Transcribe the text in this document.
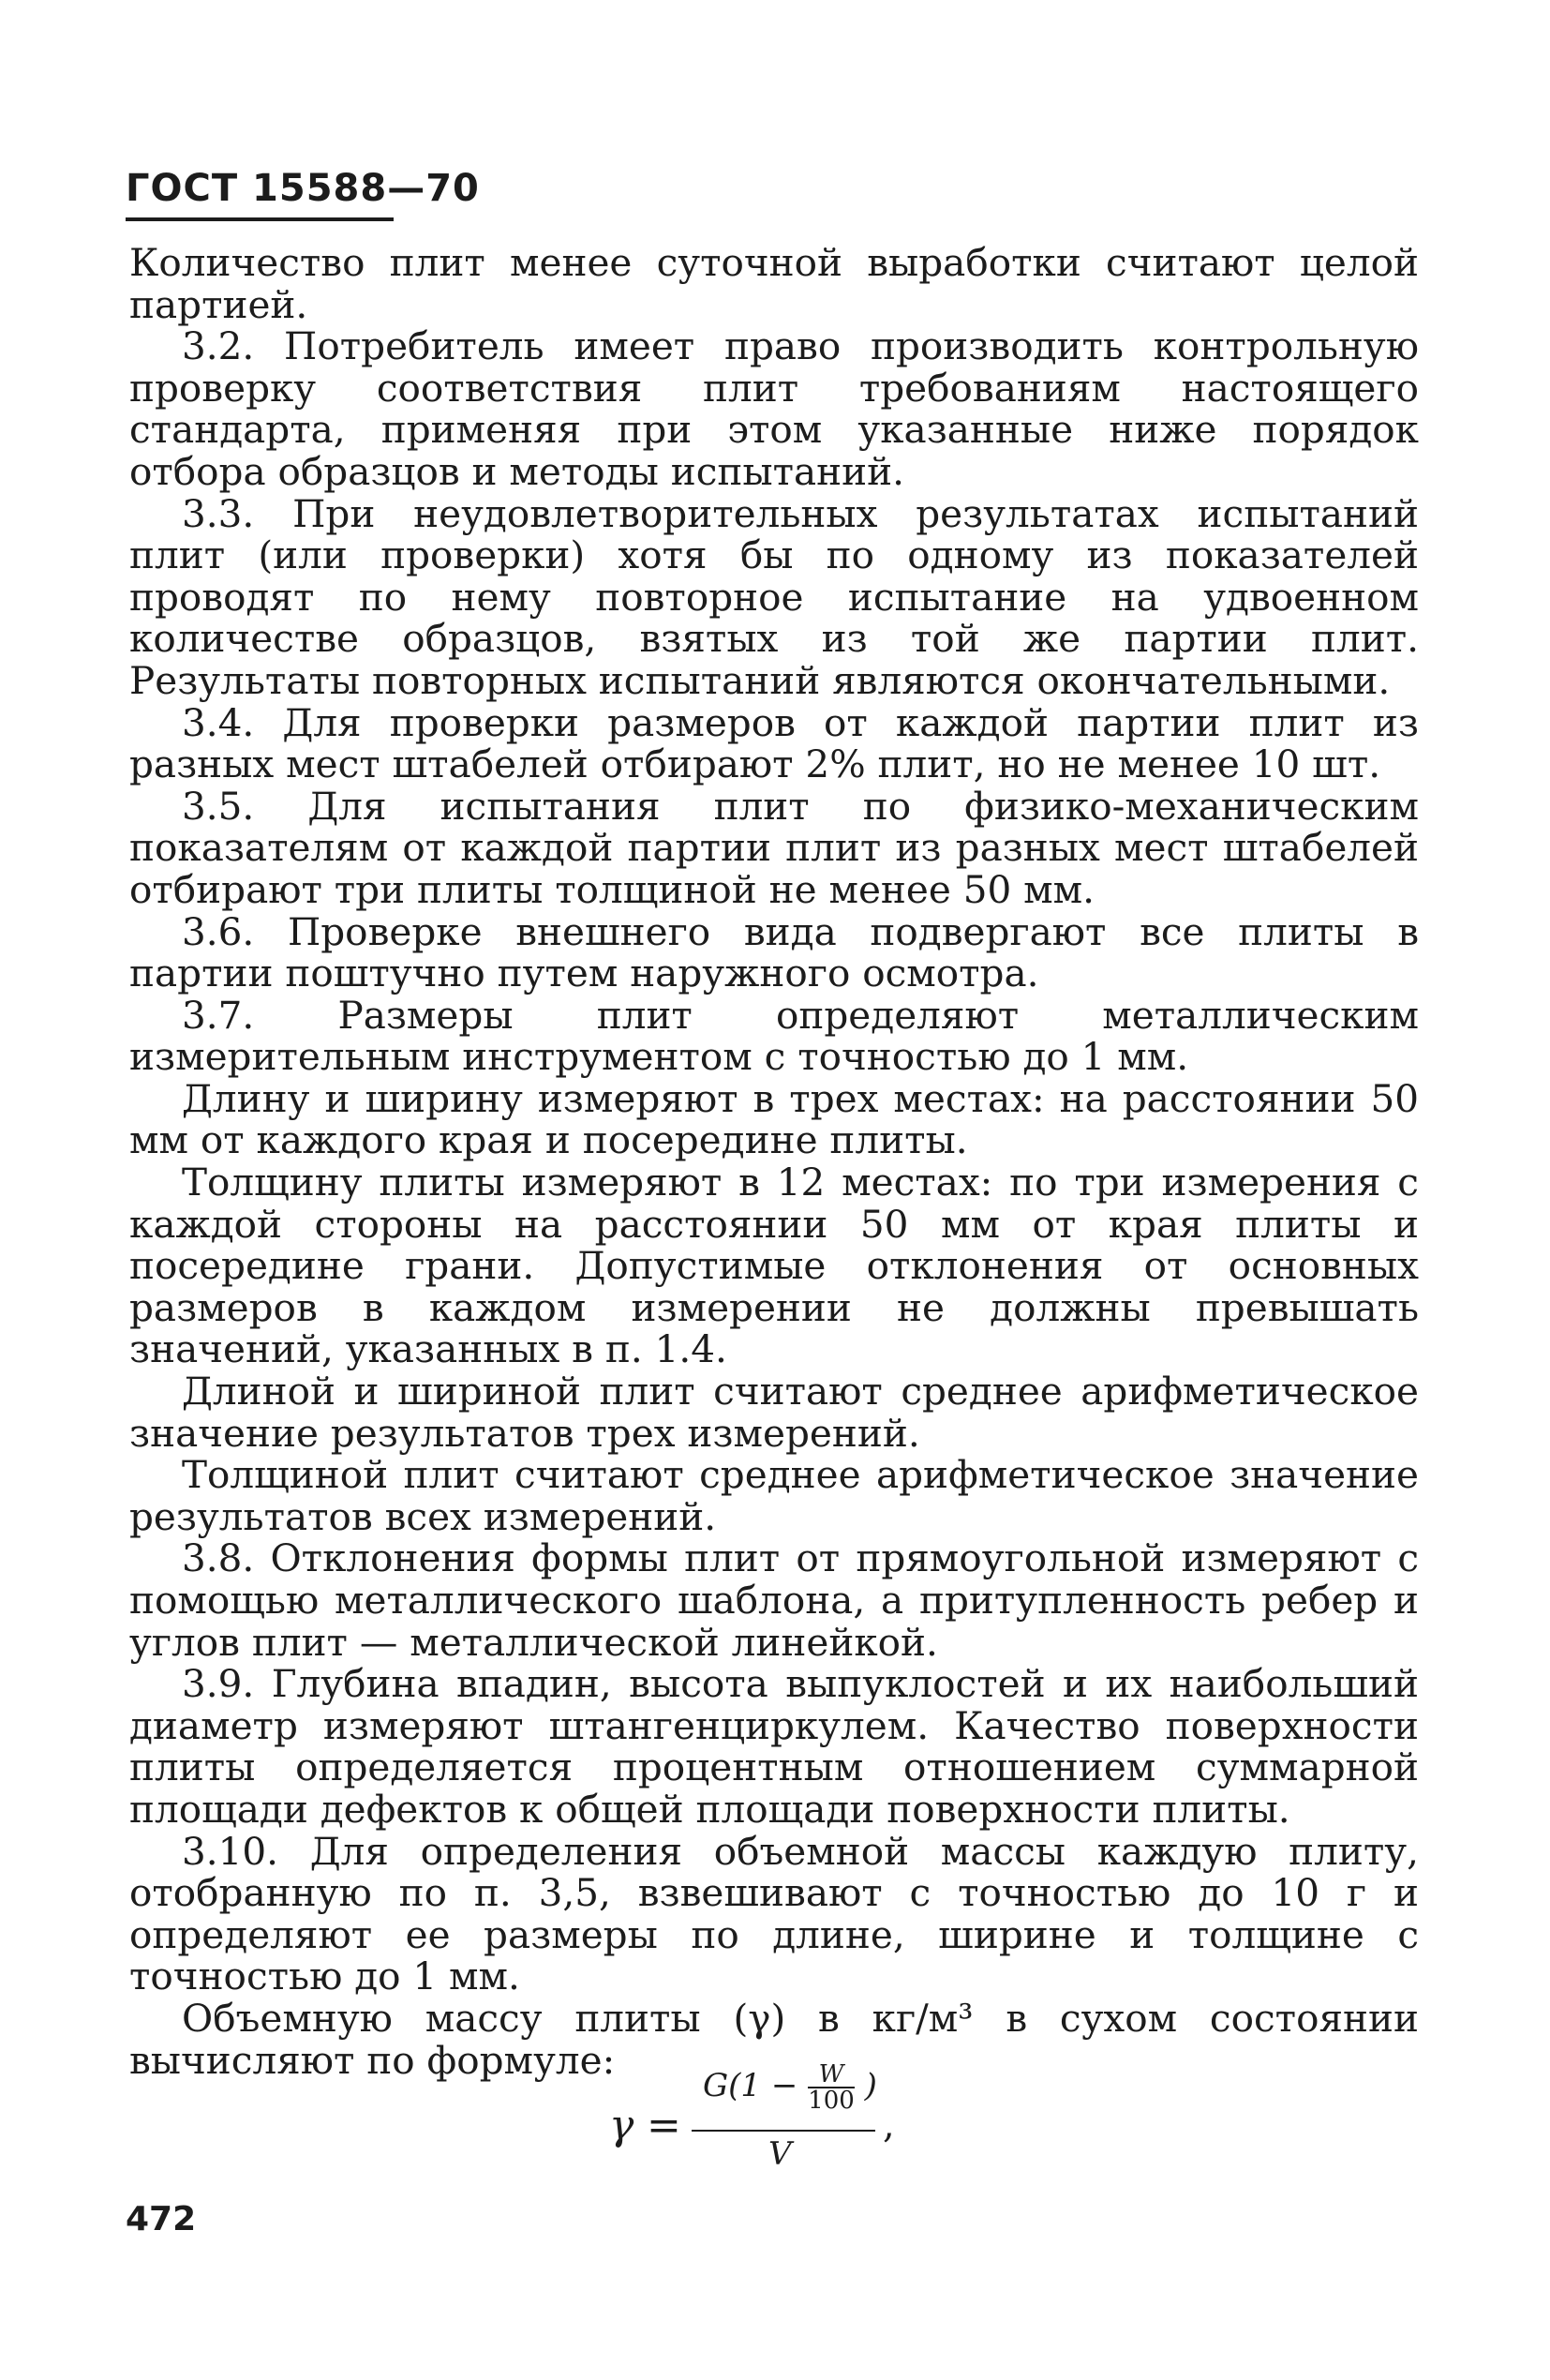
ГОСТ 15588—70

Количество плит менее суточной выработки считают целой партией.

3.2. Потребитель имеет право производить контрольную проверку соответствия плит требованиям настоящего стандарта, применяя при этом указанные ниже порядок отбора образцов и методы испытаний.

3.3. При неудовлетворительных результатах испытаний плит (или проверки) хотя бы по одному из показателей проводят по нему повторное испытание на удвоенном количестве образцов, взятых из той же партии плит. Результаты повторных испытаний являются окончательными.

3.4. Для проверки размеров от каждой партии плит из разных мест штабелей отбирают 2% плит, но не менее 10 шт.

3.5. Для испытания плит по физико-механическим показателям от каждой партии плит из разных мест штабелей отбирают три плиты толщиной не менее 50 мм.

3.6. Проверке внешнего вида подвергают все плиты в партии поштучно путем наружного осмотра.

3.7. Размеры плит определяют металлическим измерительным инструментом с точностью до 1 мм.

Длину и ширину измеряют в трех местах: на расстоянии 50 мм от каждого края и посередине плиты.

Толщину плиты измеряют в 12 местах: по три измерения с каждой стороны на расстоянии 50 мм от края плиты и посередине грани. Допустимые отклонения от основных размеров в каждом измерении не должны превышать значений, указанных в п. 1.4.

Длиной и шириной плит считают среднее арифметическое значение результатов трех измерений.

Толщиной плит считают среднее арифметическое значение результатов всех измерений.

3.8. Отклонения формы плит от прямоугольной измеряют с помощью металлического шаблона, а притупленность ребер и углов плит — металлической линейкой.

3.9. Глубина впадин, высота выпуклостей и их наибольший диаметр измеряют штангенциркулем. Качество поверхности плиты определяется процентным отношением суммарной площади дефектов к общей площади поверхности плиты.

3.10. Для определения объемной массы каждую плиту, отобранную по п. 3,5, взвешивают с точностью до 10 г и определяют ее размеры по длине, ширине и толщине с точностью до 1 мм.

Объемную массу плиты (γ) в кг/м³ в сухом состоянии вычисляют по формуле:

γ =
$G(1 - \frac{W}{100}$ )
V
,
472
